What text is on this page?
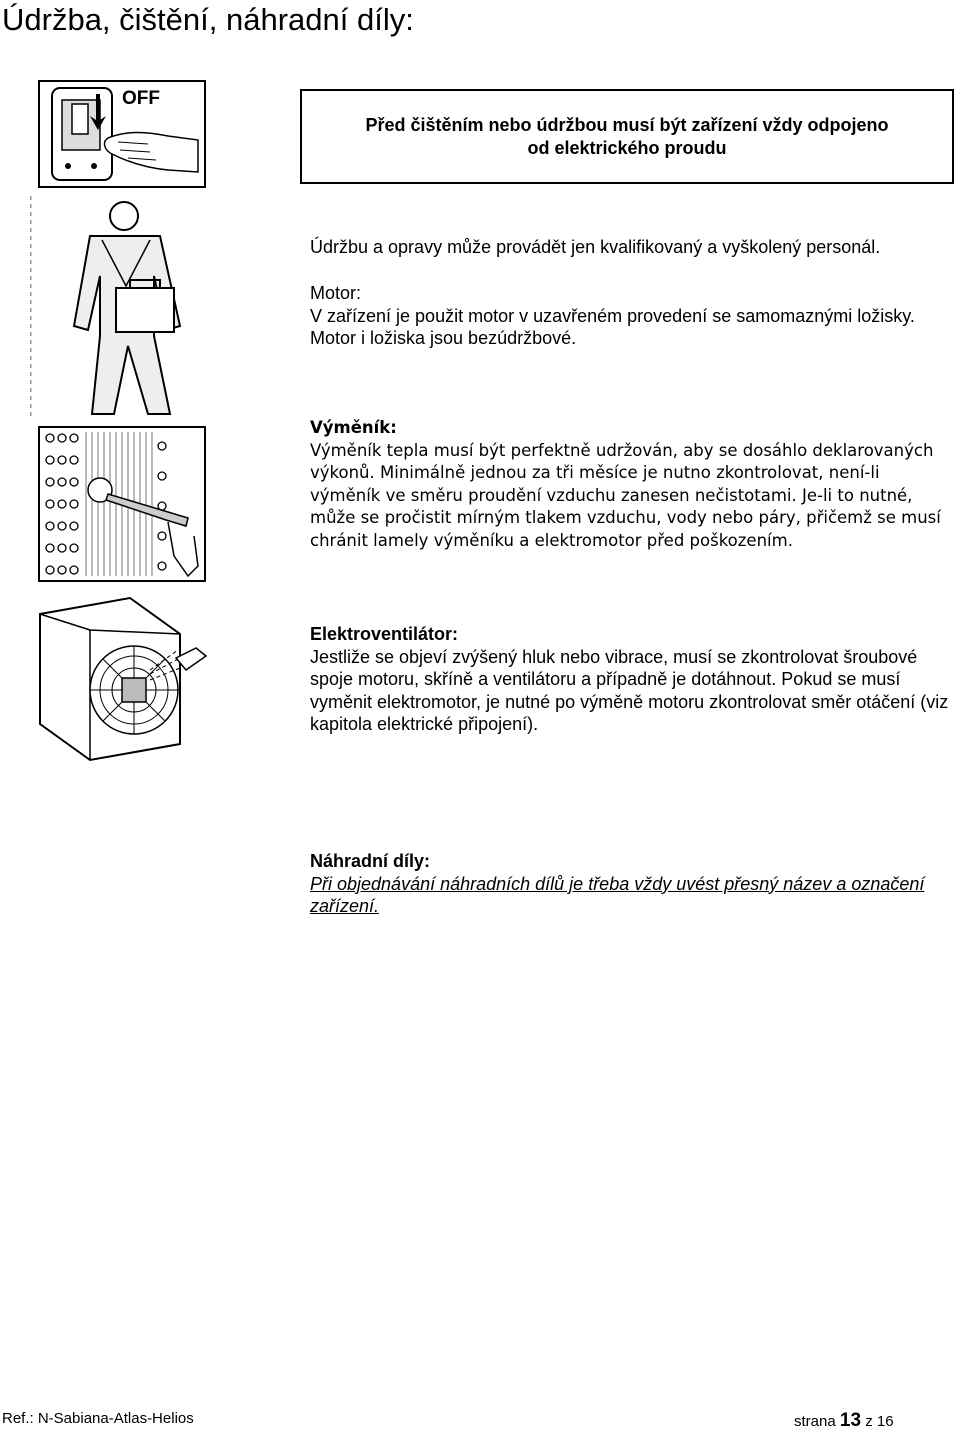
Údržba, čištění, náhradní díly:
OFF
Před čištěním nebo údržbou musí být zařízení vždy odpojeno
od elektrického proudu
Údržbu a opravy může provádět jen kvalifikovaný a vyškolený personál.

Motor:

V zařízení je použit motor v uzavřeném provedení se samomaznými ložisky. Motor i ložiska jsou bezúdržbové.

Výměník:

Výměník tepla musí být perfektně udržován, aby se dosáhlo deklarovaných výkonů. Minimálně jednou za tři měsíce je nutno zkontrolovat, není-li výměník ve směru proudění vzduchu zanesen nečistotami. Je-li to nutné, může se pročistit mírným tlakem vzduchu, vody nebo páry, přičemž se musí chránit lamely výměníku a elektromotor před poškozením.

Elektroventilátor:

Jestliže se objeví zvýšený hluk nebo vibrace, musí se zkontrolovat šroubové spoje motoru, skříně a ventilátoru a případně je dotáhnout. Pokud se musí vyměnit elektromotor, je nutné po výměně motoru zkontrolovat směr otáčení (viz kapitola elektrické připojení).

Náhradní díly:

Při objednávání náhradních dílů je třeba vždy uvést přesný název a označení zařízení.

Ref.: N-Sabiana-Atlas-Helios	strana 13 z 16
